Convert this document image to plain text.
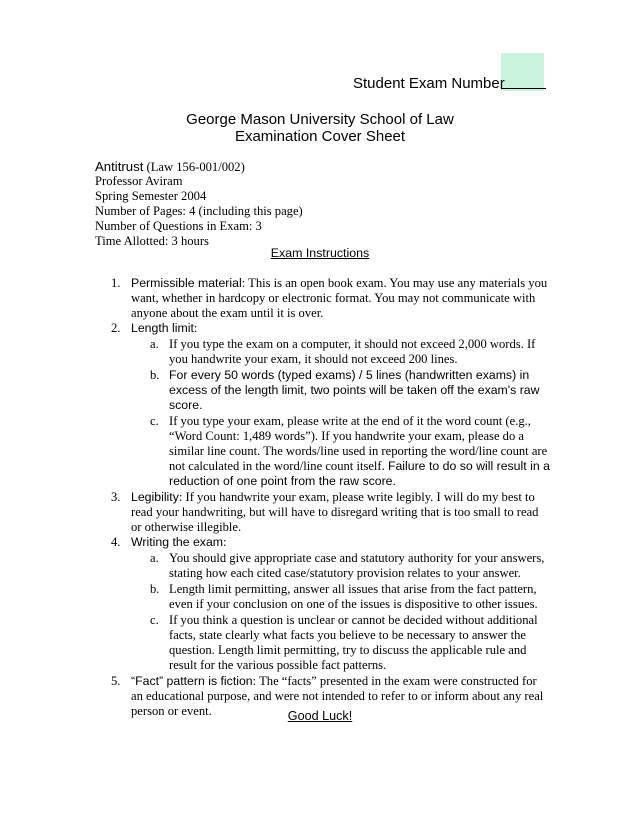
Student Exam Number
George Mason University School of Law
Examination Cover Sheet
Antitrust (Law 156-001/002)
Professor Aviram
Spring Semester 2004
Number of Pages: 4 (including this page)
Number of Questions in Exam: 3
Time Allotted: 3 hours
Exam Instructions
1. Permissible material: This is an open book exam. You may use any materials you want, whether in hardcopy or electronic format. You may not communicate with anyone about the exam until it is over.
2. Length limit:
a. If you type the exam on a computer, it should not exceed 2,000 words. If you handwrite your exam, it should not exceed 200 lines.
b. For every 50 words (typed exams) / 5 lines (handwritten exams) in excess of the length limit, two points will be taken off the exam's raw score.
c. If you type your exam, please write at the end of it the word count (e.g., “Word Count: 1,489 words”). If you handwrite your exam, please do a similar line count. The words/line used in reporting the word/line count are not calculated in the word/line count itself. Failure to do so will result in a reduction of one point from the raw score.
3. Legibility: If you handwrite your exam, please write legibly. I will do my best to read your handwriting, but will have to disregard writing that is too small to read or otherwise illegible.
4. Writing the exam:
a. You should give appropriate case and statutory authority for your answers, stating how each cited case/statutory provision relates to your answer.
b. Length limit permitting, answer all issues that arise from the fact pattern, even if your conclusion on one of the issues is dispositive to other issues.
c. If you think a question is unclear or cannot be decided without additional facts, state clearly what facts you believe to be necessary to answer the question. Length limit permitting, try to discuss the applicable rule and result for the various possible fact patterns.
5. “Fact” pattern is fiction: The “facts” presented in the exam were constructed for an educational purpose, and were not intended to refer to or inform about any real person or event.	Good Luck!
